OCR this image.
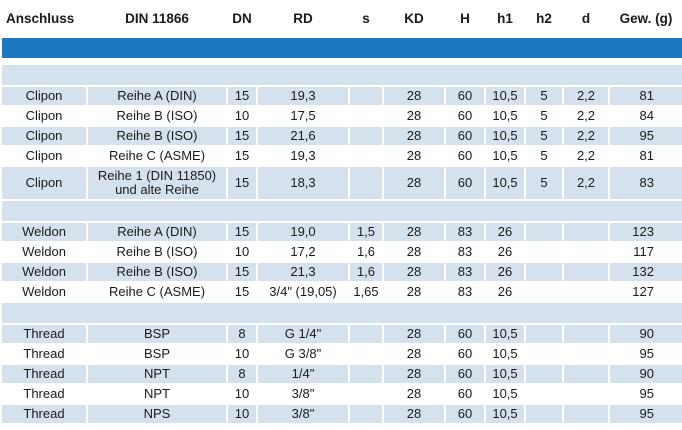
Anschluss	DIN 11866	DN	RD	s	KD	H	h1	h2	d	Gew. (g)

Clipon	Reihe A (DIN)	15	19,3		28	60	10,5	5	2,2	81
Clipon	Reihe B (ISO)	10	17,5		28	60	10,5	5	2,2	84
Clipon	Reihe B (ISO)	15	21,6		28	60	10,5	5	2,2	95
Clipon	Reihe C (ASME)	15	19,3		28	60	10,5	5	2,2	81
Clipon	Reihe 1 (DIN 11850)
und alte Reihe	15	18,3		28	60	10,5	5	2,2	83

Weldon	Reihe A (DIN)	15	19,0	1,5	28	83	26			123
Weldon	Reihe B (ISO)	10	17,2	1,6	28	83	26			117
Weldon	Reihe B (ISO)	15	21,3	1,6	28	83	26			132
Weldon	Reihe C (ASME)	15	3/4" (19,05)	1,65	28	83	26			127

Thread	BSP	8	G 1/4"		28	60	10,5			90
Thread	BSP	10	G 3/8"		28	60	10,5			95
Thread	NPT	8	1/4"		28	60	10,5			90
Thread	NPT	10	3/8"		28	60	10,5			95
Thread	NPS	10	3/8"		28	60	10,5			95
